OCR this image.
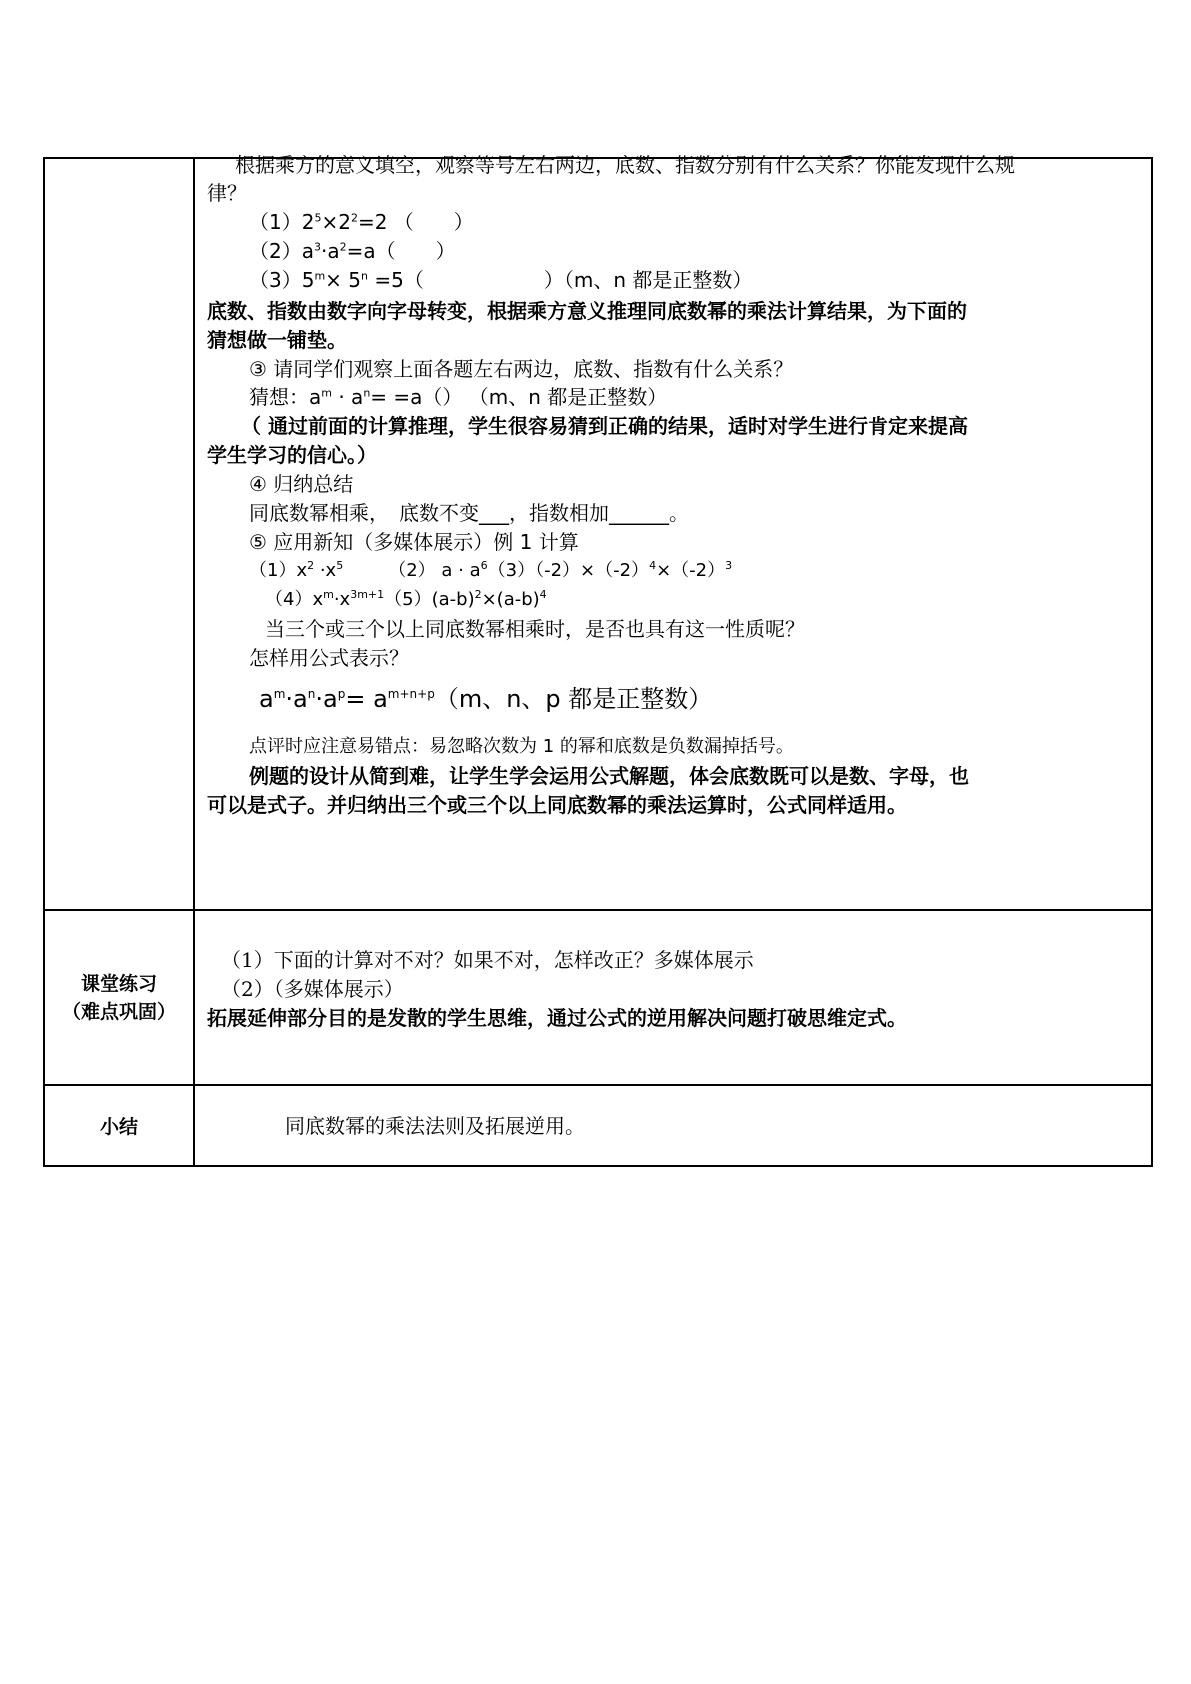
根据乘方的意义填空，观察等号左右两边，底数、指数分别有什么关系？你能发现什么规
律？
$(1)2^5\times 2^2=2$ （　　）
$(2)a^3\cdot a^2=a$（　　）
$(3)5^m\times 5^n =5$（　　　　　　）（m、n 都是正整数）
底数、指数由数字向字母转变，根据乘方意义推理同底数幂的乘法计算结果，为下面的
猜想做一铺垫。
③ 请同学们观察上面各题左右两边，底数、指数有什么关系？
猜想：$a^m \cdot a^n= =a()$ （m、n 都是正整数）
（ 通过前面的计算推理，学生很容易猜到正确的结果，适时对学生进行肯定来提高
学生学习的信心。）
④ 归纳总结
同底数幂相乘，　底数不变___，指数相加______。
⑤ 应用新知（多媒体展示）例 1 计算
$(1)x^2 \cdot x^5$　　　（2） $a \cdot a^6(3)(-2)\times(-2)^4\times(-2)^3$
$(4)x^m\cdot x^{3m+1}(5)(a-b)^2\times(a-b)^4$
当三个或三个以上同底数幂相乘时，是否也具有这一性质呢？
怎样用公式表示？
$a^m\cdot a^n\cdot a^p= a^{m+n+p}(m$、n、p 都是正整数）
点评时应注意易错点：易忽略次数为 1 的幂和底数是负数漏掉括号。
例题的设计从简到难，让学生学会运用公式解题，体会底数既可以是数、字母，也
可以是式子。并归纳出三个或三个以上同底数幂的乘法运算时，公式同样适用。
课堂练习
（难点巩固）
（1）下面的计算对不对？如果不对，怎样改正？多媒体展示
（2）（多媒体展示）
拓展延伸部分目的是发散的学生思维，通过公式的逆用解决问题打破思维定式。
小结	同底数幂的乘法法则及拓展逆用。
